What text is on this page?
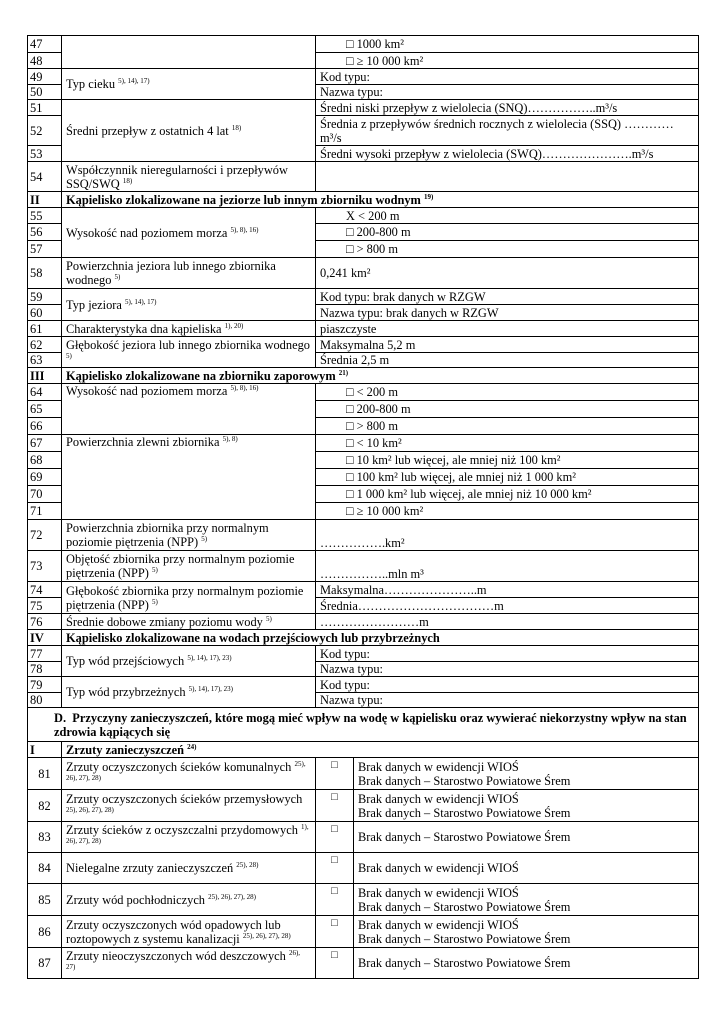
47		□ 1000 km²	
48		□ ≥ 10 000 km²	
49	Typ cieku $^{5), 14), 17)}$	Kod typu:	
50		Nazwa typu:	
51	Średni przepływ z ostatnich 4 lat $^{18)}$	Średni niski przepływ z wielolecia (SNQ)……………..m³/s	
52		Średnia z przepływów średnich rocznych z wielolecia (SSQ) …………m³/s	
53		Średni wysoki przepływ z wielolecia (SWQ)………………….m³/s	
54	Współczynnik nieregularności i przepływów SSQ/SWQ $^{18)}$	
II	Kąpielisko zlokalizowane na jeziorze lub innym zbiorniku wodnym $^{19)}$
55	Wysokość nad poziomem morza $^{5), 8), 16)}$	X < 200 m	
56		□ 200-800 m	
57		□ > 800 m	
58	Powierzchnia jeziora lub innego zbiornika wodnego $^{5)}$	0,241 km²	
59	Typ jeziora $^{5), 14), 17)}$	Kod typu: brak danych w RZGW	
60		Nazwa typu: brak danych w RZGW	
61	Charakterystyka dna kąpieliska $^{1), 20)}$	piaszczyste	
62	Głębokość jeziora lub innego zbiornika wodnego $^{5)}$	Maksymalna 5,2 m	
63		Średnia 2,5 m	
III	Kąpielisko zlokalizowane na zbiorniku zaporowym $^{21)}$
64	Wysokość nad poziomem morza $^{5), 8), 16)}$	□ < 200 m	
65		□ 200-800 m	
66		□ > 800 m	
67	Powierzchnia zlewni zbiornika $^{5), 8)}$	□ < 10 km²	
68		□ 10 km² lub więcej, ale mniej niż 100 km²	
69		□ 100 km² lub więcej, ale mniej niż 1 000 km²	
70		□ 1 000 km² lub więcej, ale mniej niż 10 000 km²	
71		□ ≥ 10 000 km²	
72	Powierzchnia zbiornika przy normalnym poziomie piętrzenia (NPP) $^{5)}$	…………….km²	
73	Objętość zbiornika przy normalnym poziomie piętrzenia (NPP) $^{5)}$	……………..mln m³	
74	Głębokość zbiornika przy normalnym poziomie piętrzenia (NPP) $^{5)}$	Maksymalna…………………..m	
75		Średnia……………………………m	
76	Średnie dobowe zmiany poziomu wody $^{5)}$	……………………m	
IV	Kąpielisko zlokalizowane na wodach przejściowych lub przybrzeżnych		
77	Typ wód przejściowych $^{5), 14), 17), 23)}$	Kod typu:	
78		Nazwa typu:	
79	Typ wód przybrzeżnych $^{5), 14), 17), 23)}$	Kod typu:	
80		Nazwa typu:	
D. Przyczyny zanieczyszczeń, które mogą mieć wpływ na wodę w kąpielisku oraz wywierać niekorzystny wpływ na stan zdrowia kąpiących się			
I	Zrzuty zanieczyszczeń $^{24)}$
81	Zrzuty oczyszczonych ścieków komunalnych $^{25), 26), 27), 28)}$	□	Brak danych w ewidencji WIOŚ
Brak danych – Starostwo Powiatowe Śrem

82	Zrzuty oczyszczonych ścieków przemysłowych $^{25), 26), 27), 28)}$	□	Brak danych w ewidencji WIOŚ
Brak danych – Starostwo Powiatowe Śrem

83	Zrzuty ścieków z oczyszczalni przydomowych $^{1), 26), 27), 28)}$	□	Brak danych – Starostwo Powiatowe Śrem
84	Nielegalne zrzuty zanieczyszczeń $^{25), 28)}$	□	Brak danych w ewidencji WIOŚ
85	Zrzuty wód pochłodniczych $^{25), 26), 27), 28)}$	□	Brak danych w ewidencji WIOŚ
Brak danych – Starostwo Powiatowe Śrem

86	Zrzuty oczyszczonych wód opadowych lub roztopowych z systemu kanalizacji $^{25), 26), 27), 28)}$	□	Brak danych w ewidencji WIOŚ
Brak danych – Starostwo Powiatowe Śrem

87	Zrzuty nieoczyszczonych wód deszczowych $^{26), 27)}$	□	Brak danych – Starostwo Powiatowe Śrem
